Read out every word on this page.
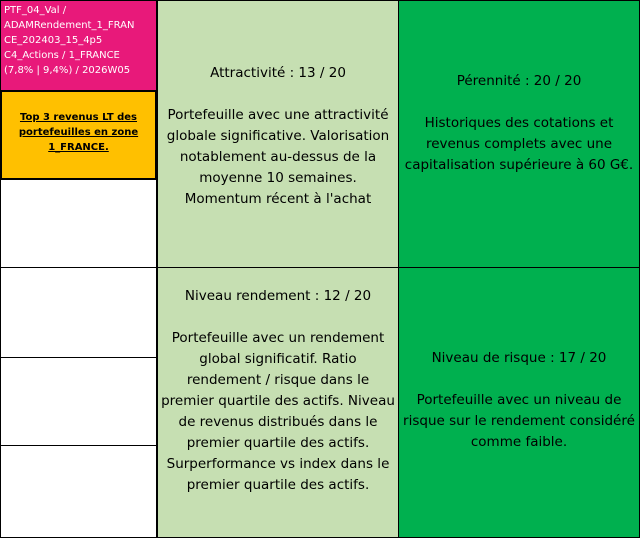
PTF_04_Val /
ADAMRendement_1_FRAN
CE_202403_15_4p5
C4_Actions / 1_FRANCE
(7,8% | 9,4%) / 2026W05
Top 3 revenus LT des portefeuilles en zone 1_FRANCE.
Attractivité : 13 / 20
Portefeuille avec une attractivité globale significative. Valorisation notablement au-dessus de la moyenne 10 semaines. Momentum récent à l'achat
Pérennité : 20 / 20
Historiques des cotations et revenus complets avec une capitalisation supérieure à 60 G€.
Niveau rendement : 12 / 20
Portefeuille avec un rendement global significatif. Ratio rendement / risque dans le premier quartile des actifs. Niveau de revenus distribués dans le premier quartile des actifs. Surperformance vs index dans le premier quartile des actifs.
Niveau de risque : 17 / 20
Portefeuille avec un niveau de risque sur le rendement considéré comme faible.
